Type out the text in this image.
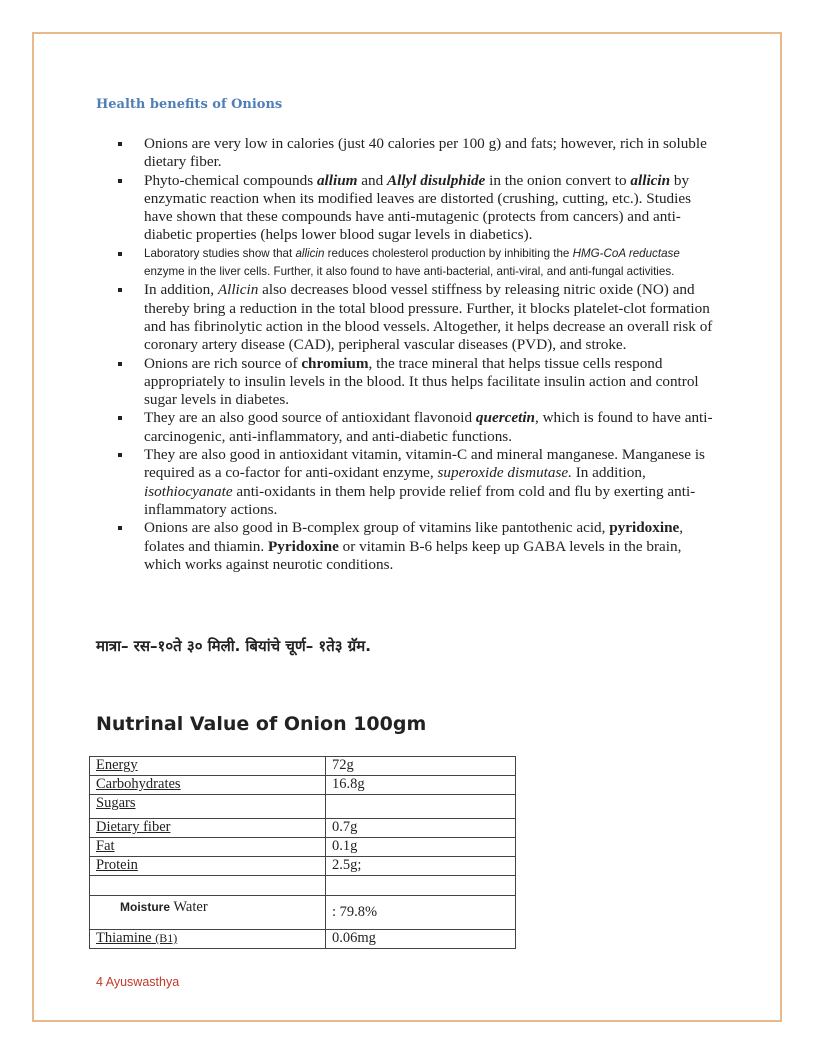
Health benefits of Onions
Onions are very low in calories (just 40 calories per 100 g) and fats; however, rich in soluble dietary fiber.
Phyto-chemical compounds allium and Allyl disulphide in the onion convert to allicin by enzymatic reaction when its modified leaves are distorted (crushing, cutting, etc.). Studies have shown that these compounds have anti-mutagenic (protects from cancers) and anti-diabetic properties (helps lower blood sugar levels in diabetics).
Laboratory studies show that allicin reduces cholesterol production by inhibiting the HMG-CoA reductase enzyme in the liver cells. Further, it also found to have anti-bacterial, anti-viral, and anti-fungal activities.
In addition, Allicin also decreases blood vessel stiffness by releasing nitric oxide (NO) and thereby bring a reduction in the total blood pressure. Further, it blocks platelet-clot formation and has fibrinolytic action in the blood vessels. Altogether, it helps decrease an overall risk of coronary artery disease (CAD), peripheral vascular diseases (PVD), and stroke.
Onions are rich source of chromium, the trace mineral that helps tissue cells respond appropriately to insulin levels in the blood. It thus helps facilitate insulin action and control sugar levels in diabetes.
They are an also good source of antioxidant flavonoid quercetin, which is found to have anti-carcinogenic, anti-inflammatory, and anti-diabetic functions.
They are also good in antioxidant vitamin, vitamin-C and mineral manganese. Manganese is required as a co-factor for anti-oxidant enzyme, superoxide dismutase. In addition, isothiocyanate anti-oxidants in them help provide relief from cold and flu by exerting anti-inflammatory actions.
Onions are also good in B-complex group of vitamins like pantothenic acid, pyridoxine, folates and thiamin. Pyridoxine or vitamin B-6 helps keep up GABA levels in the brain, which works against neurotic conditions.
मात्रा– रस–१०ते ३० मिली. बियांचे चूर्ण– १ते३ ग्रॅम.
Nutrinal Value of Onion 100gm
Energy	72g
Carbohydrates	16.8g
Sugars	
Dietary fiber	0.7g
Fat	0.1g
Protein	2.5g;

Moisture Water	: 79.8%
Thiamine (B1)	0.06mg
4 Ayuswasthya
